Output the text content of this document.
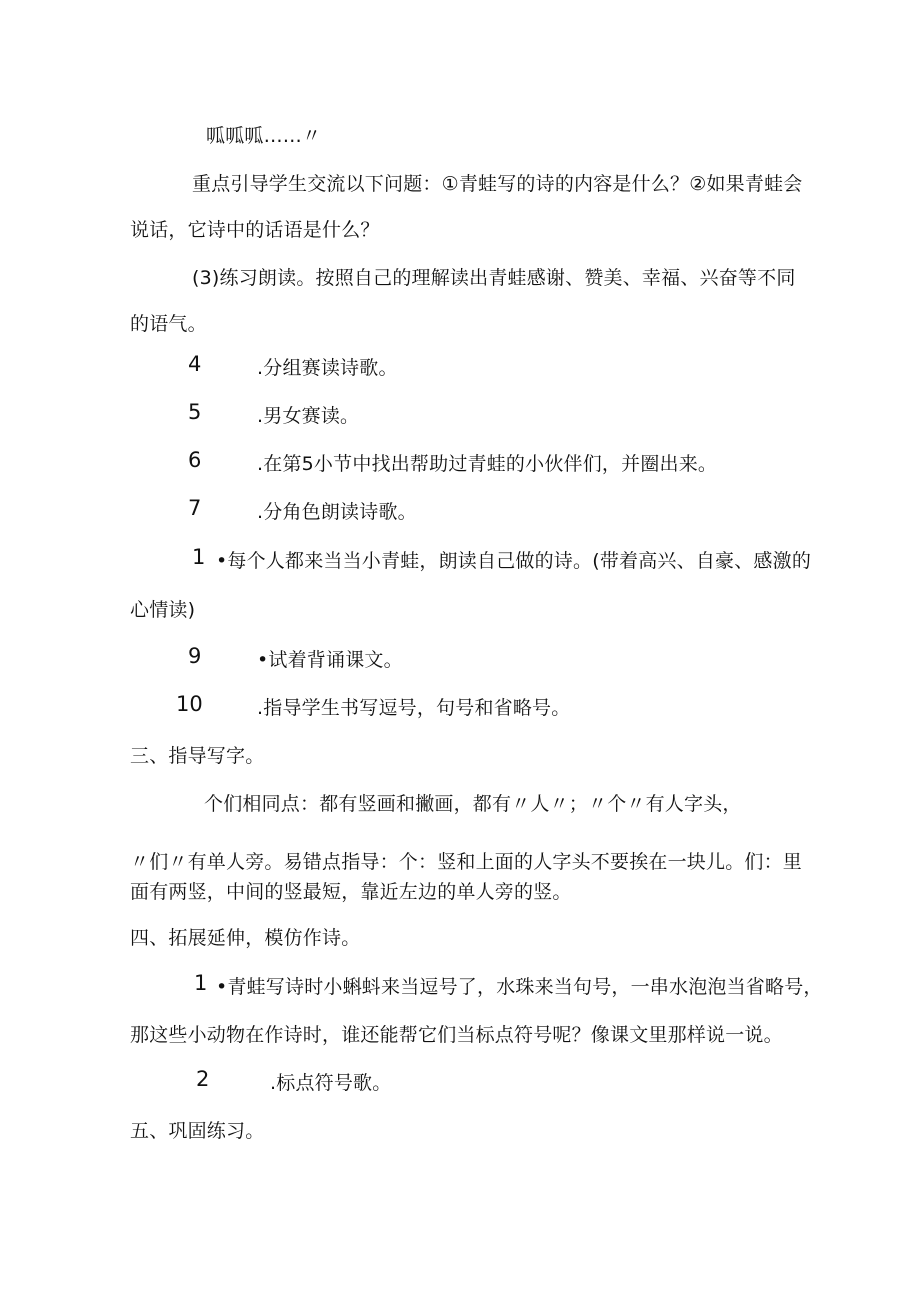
呱呱呱……〃
重点引导学生交流以下问题：①青蛙写的诗的内容是什么？②如果青蛙会
说话，它诗中的话语是什么？
(3)练习朗读。按照自己的理解读出青蛙感谢、赞美、幸福、兴奋等不同
的语气。
4	.分组赛读诗歌。
5	.男女赛读。
6	.在第5小节中找出帮助过青蛙的小伙伴们，并圈出来。
7	.分角色朗读诗歌。
1 •每个人都来当当小青蛙，朗读自己做的诗。(带着高兴、自豪、感激的
心情读)
9	•试着背诵课文。
10	.指导学生书写逗号，句号和省略号。
三、指导写字。
个们相同点：都有竖画和撇画，都有〃人〃；〃个〃有人字头，
〃们〃有单人旁。易错点指导：个：竖和上面的人字头不要挨在一块儿。们：里
面有两竖，中间的竖最短，靠近左边的单人旁的竖。
四、拓展延伸，模仿作诗。
1 •青蛙写诗时小蝌蚪来当逗号了，水珠来当句号，一串水泡泡当省略号，
那这些小动物在作诗时，谁还能帮它们当标点符号呢？像课文里那样说一说。
2	.标点符号歌。
五、巩固练习。
